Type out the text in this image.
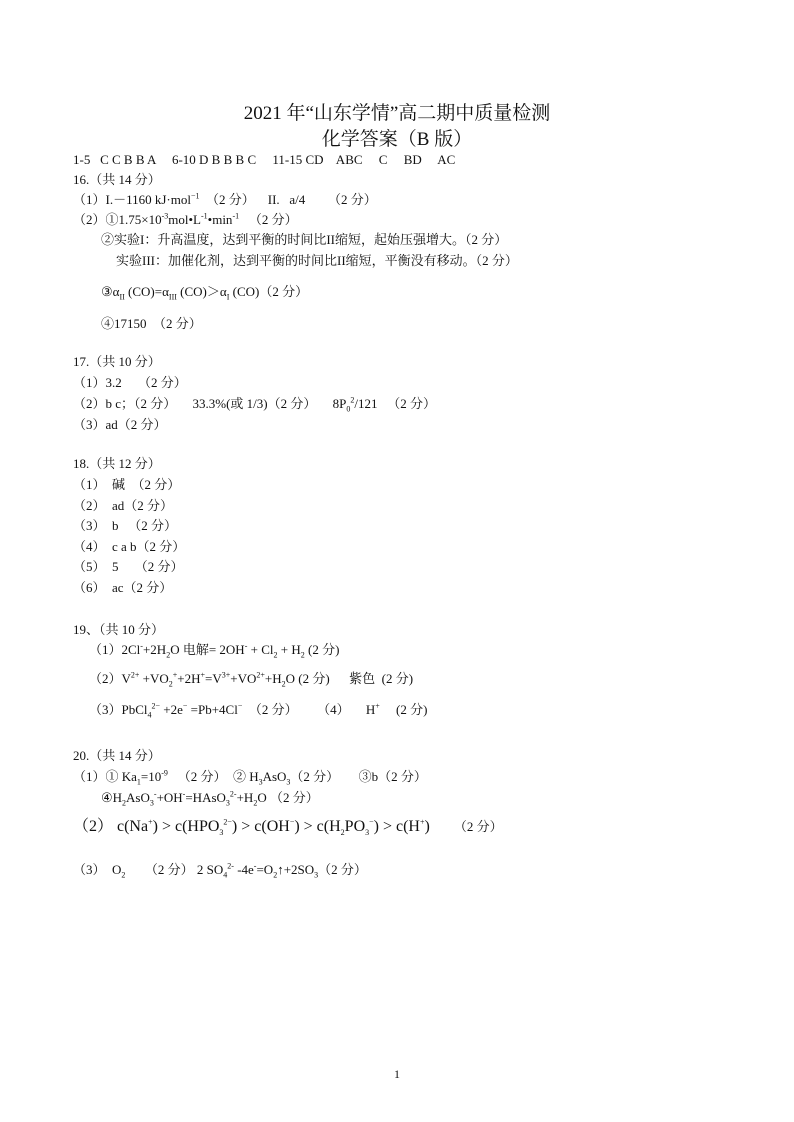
2021 年“山东学情”高二期中质量检测
化学答案（B 版）
1-5   C C B B A     6-10 D B B B C     11-15 CD    ABC     C     BD     AC
16.（共 14 分）
（1）I.－1160 kJ·mol$^{-1}$  （2 分）    II.   a/4       （2 分）
$(2)①1.75\times 10^{-3}mol•L^{-1}•\min^{-1}$   （2 分）
②实验I：升高温度，达到平衡的时间比II缩短，起始压强增大。（2 分）
实验III：加催化剂，达到平衡的时间比II缩短，平衡没有移动。（2 分）
$③\alpha_{II}$ $(CO)=\alpha_{III}$ $(CO)>\alpha_I$ (CO)（2 分）
④17150  （2 分）
17.（共 10 分）
（1）3.2     （2 分）
（2）b c；（2 分）     33.3%(或 1/3)（2 分）     $8P_0^2/121$   （2 分）
（3）ad（2 分）
18.（共 12 分）
（1）  碱  （2 分）
（2）  ad（2 分）
（3）  b   （2 分）
（4）  c a b（2 分）
（5）  5     （2 分）
（6）  ac（2 分）
19、（共 10 分）
$(1)2Cl^-+2H_2O$ 电解= $2OH^- + Cl_2 + H_2$ (2 分)
$(2)V^{2+} +VO_2^++2H^+=V^{3+}+VO^{2+}+H_2O$ (2 分)      紫色  (2 分)
（3）PbCl$_4^{2-}$ +2e− =Pb+4Cl−  （2 分）      （4）     H+     (2 分)
20.（共 14 分）
（1）① $Ka_1=10^{-9}$   （2 分）  ② $H_3AsO_3(2$ 分）      ③b（2 分）
$④H_2AsO_3^-+OH^-=HAsO_3^{2-}+H_2O$ （2 分）
（2） $c(Na^+) > c(HPO_3^{2-}) > c(OH^-) > c(H_2PO_3^-) > c(H^+)$ （2 分）
（3）  $O_2$      （2 分） 2 $SO_4^{2-}$ $-4e^-=O_2↑+2SO_3(2$ 分）
1
